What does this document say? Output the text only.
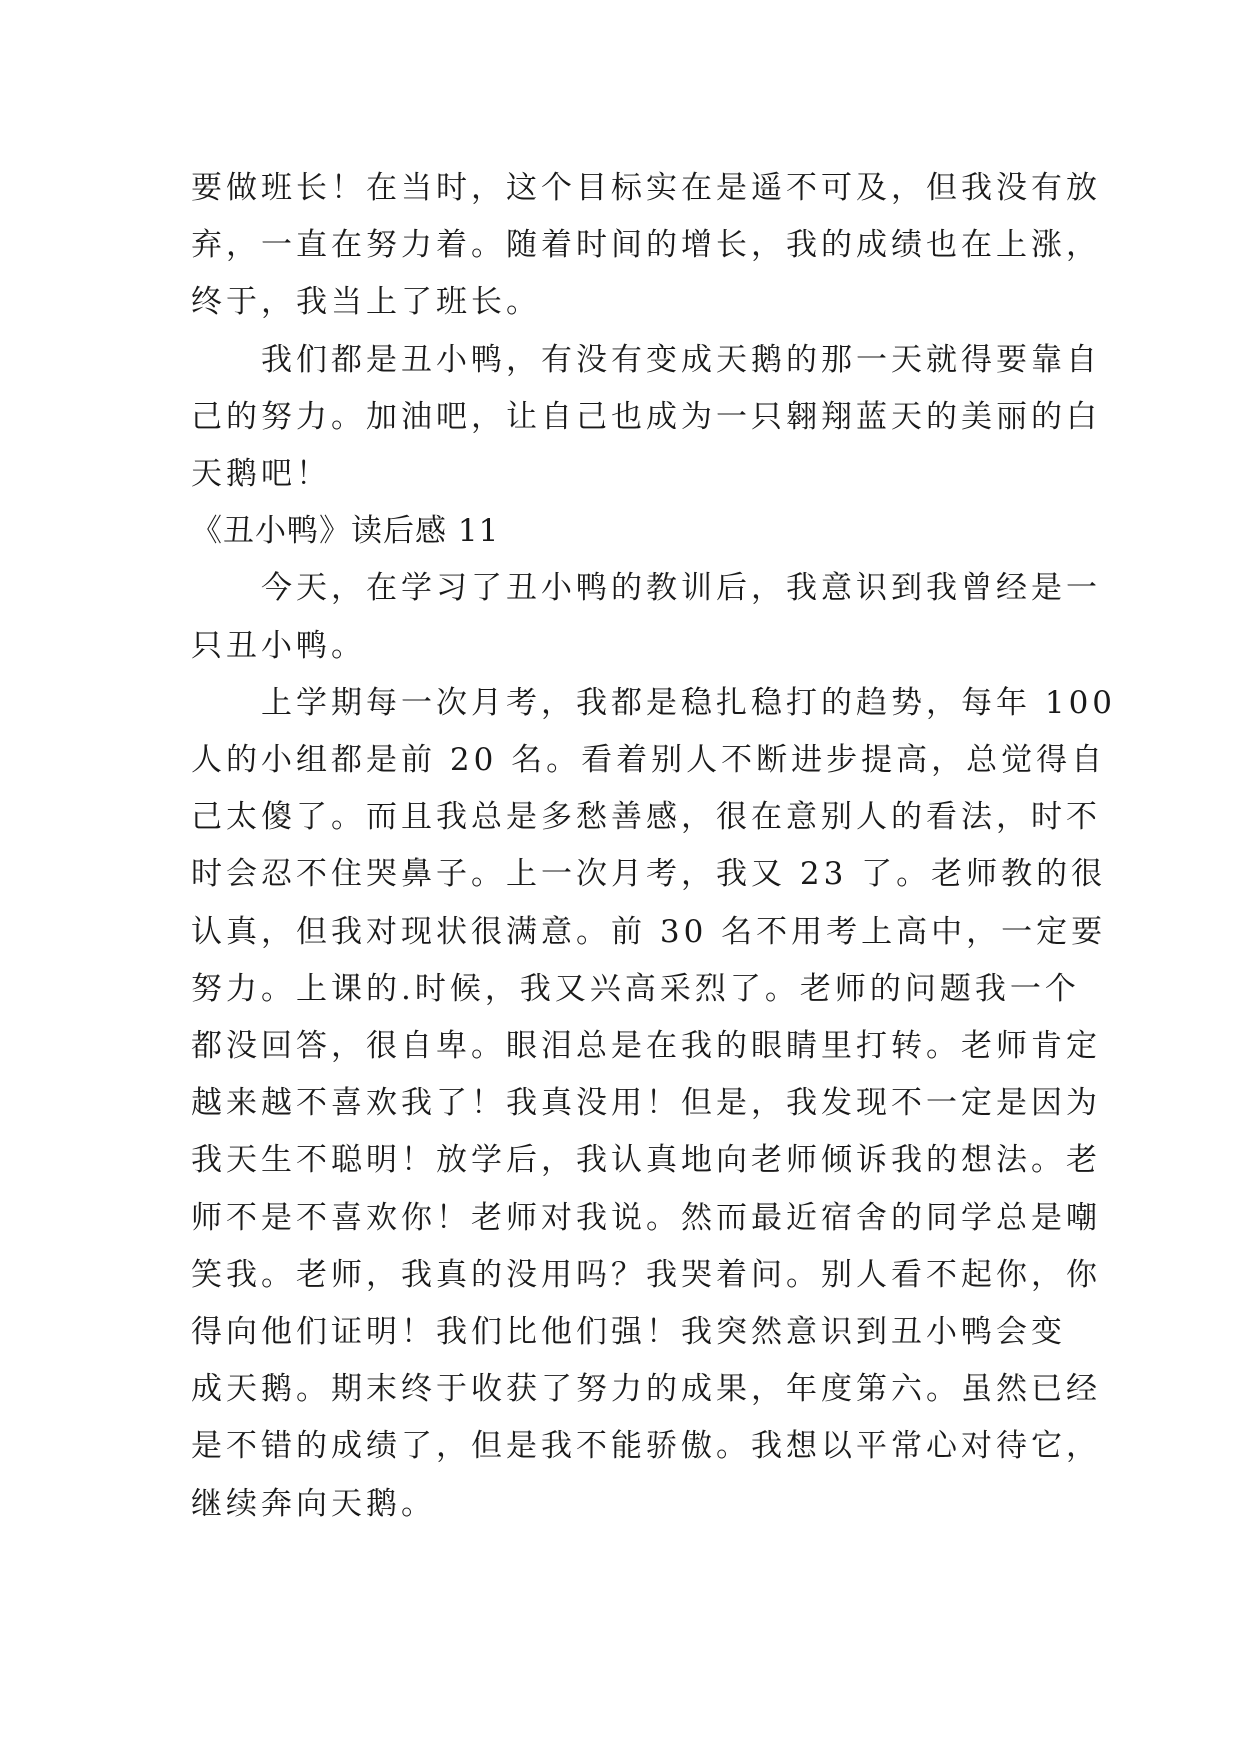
要做班长！在当时，这个目标实在是遥不可及，但我没有放

弃，一直在努力着。随着时间的增长，我的成绩也在上涨，

终于，我当上了班长。

我们都是丑小鸭，有没有变成天鹅的那一天就得要靠自

己的努力。加油吧，让自己也成为一只翱翔蓝天的美丽的白

天鹅吧！

《丑小鸭》读后感 11

今天，在学习了丑小鸭的教训后，我意识到我曾经是一

只丑小鸭。

上学期每一次月考，我都是稳扎稳打的趋势，每年 100

人的小组都是前 20 名。看着别人不断进步提高，总觉得自

己太傻了。而且我总是多愁善感，很在意别人的看法，时不

时会忍不住哭鼻子。上一次月考，我又 23 了。老师教的很

认真，但我对现状很满意。前 30 名不用考上高中，一定要

努力。上课的.时候，我又兴高采烈了。老师的问题我一个

都没回答，很自卑。眼泪总是在我的眼睛里打转。老师肯定

越来越不喜欢我了！我真没用！但是，我发现不一定是因为

我天生不聪明！放学后，我认真地向老师倾诉我的想法。老

师不是不喜欢你！老师对我说。然而最近宿舍的同学总是嘲

笑我。老师，我真的没用吗？我哭着问。别人看不起你，你

得向他们证明！我们比他们强！我突然意识到丑小鸭会变

成天鹅。期末终于收获了努力的成果，年度第六。虽然已经

是不错的成绩了，但是我不能骄傲。我想以平常心对待它，

继续奔向天鹅。
